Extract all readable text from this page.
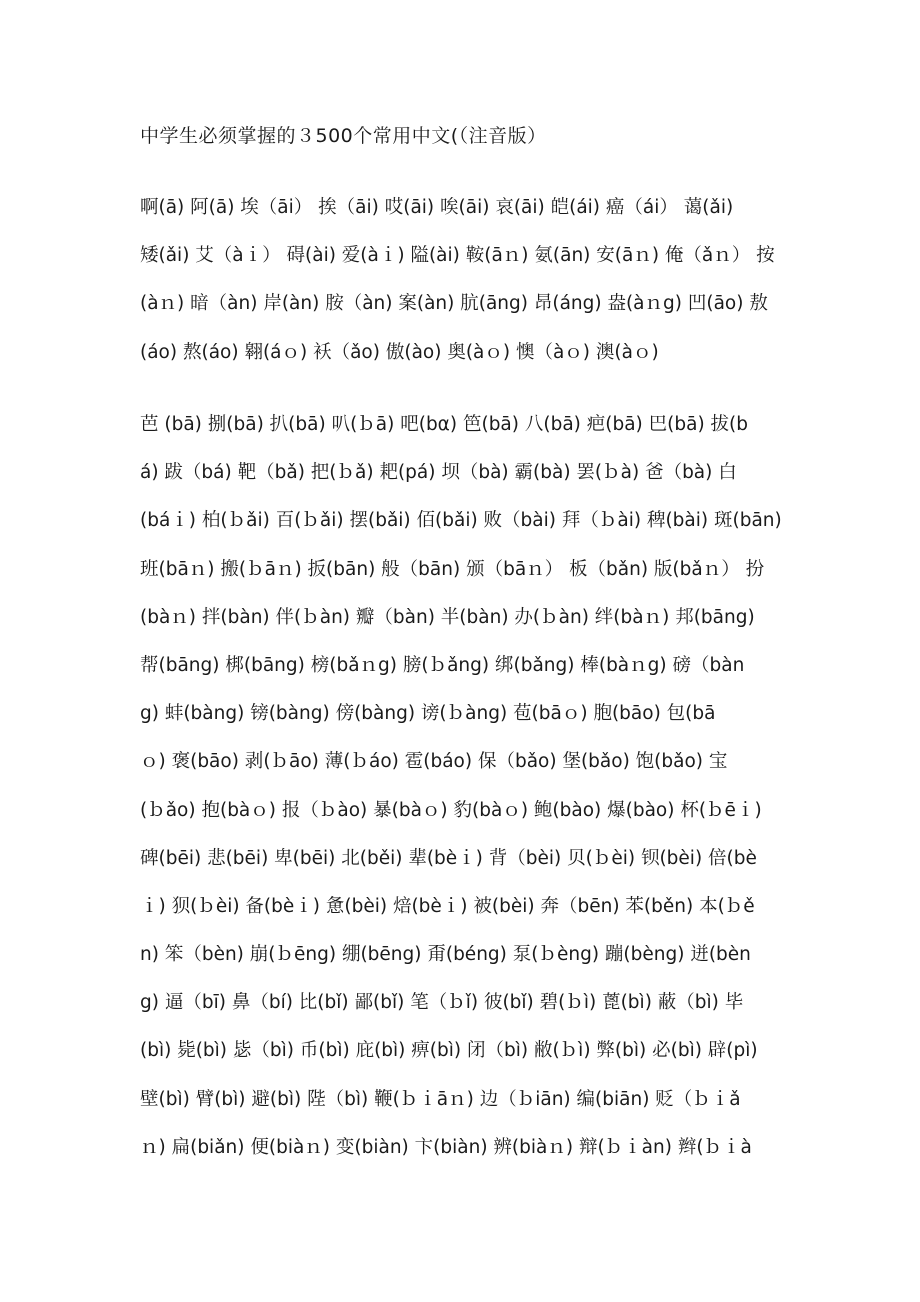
中学生必须掌握的３500个常用中文(（注音版）
啊(ā) 阿(ā) 埃（āi） 挨（āi) 哎(āi) 唉(āi) 哀(āi) 皑(ái) 癌（ái） 蔼(ǎi)
矮(ǎi) 艾（àｉ） 碍(ài) 爱(àｉ) 隘(ài) 鞍(āｎ) 氨(ān) 安(āｎ) 俺（ǎｎ） 按
(àｎ) 暗（àn) 岸(àn) 胺（àn) 案(àn) 肮(āng) 昂(áng) 盎(àｎg) 凹(āo) 敖
(áo) 熬(áo) 翱(áｏ) 袄（ǎo) 傲(ào) 奥(àｏ) 懊（àｏ) 澳(àｏ)
芭 (bā) 捌(bā) 扒(bā) 叭(ｂā) 吧(bα) 笆(bā) 八(bā) 疤(bā) 巴(bā) 拔(b
á) 跋（bá) 靶（bǎ) 把(ｂǎ) 耙(pá) 坝（bà) 霸(bà) 罢(ｂà) 爸（bà) 白
(báｉ) 柏(ｂǎi) 百(ｂǎi) 摆(bǎi) 佰(bǎi) 败（bài) 拜（ｂài) 稗(bài) 斑(bān)
班(bāｎ) 搬(ｂāｎ) 扳(bān) 般（bān) 颁（bāｎ） 板（bǎn) 版(bǎｎ） 扮
(bàｎ) 拌(bàn) 伴(ｂàn) 瓣（bàn) 半(bàn) 办(ｂàn) 绊(bàｎ) 邦(bāng)
帮(bāng) 梆(bāng) 榜(bǎｎg) 膀(ｂǎng) 绑(bǎng) 棒(bàｎg) 磅（bàn
g) 蚌(bàng) 镑(bàng) 傍(bàng) 谤(ｂàng) 苞(bāｏ) 胞(bāo) 包(bā
ｏ) 褒(bāo) 剥(ｂāo) 薄(ｂáo) 雹(báo) 保（bǎo) 堡(bǎo) 饱(bǎo) 宝
(ｂǎo) 抱(bàｏ) 报（ｂào) 暴(bàｏ) 豹(bàｏ) 鲍(bào) 爆(bào) 杯(ｂēｉ)
碑(bēi) 悲(bēi) 卑(bēi) 北(běi) 辈(bèｉ) 背（bèi) 贝(ｂèi) 钡(bèi) 倍(bè
ｉ) 狈(ｂèi) 备(bèｉ) 惫(bèi) 焙(bèｉ) 被(bèi) 奔（bēn) 苯(běn) 本(ｂě
n) 笨（bèn) 崩(ｂēng) 绷(bēng) 甭(béng) 泵(ｂèng) 蹦(bèng) 迸(bèn
g) 逼（bī) 鼻（bí) 比(bǐ) 鄙(bǐ) 笔（ｂǐ) 彼(bǐ) 碧(ｂì) 蓖(bì) 蔽（bì) 毕
(bì) 毙(bì) 毖（bì) 币(bì) 庇(bì) 痹(bì) 闭（bì) 敝(ｂì) 弊(bì) 必(bì) 辟(pì)
壁(bì) 臂(bì) 避(bì) 陛（bì) 鞭(ｂｉāｎ) 边（ｂiān) 编(biān) 贬（ｂｉǎ
ｎ) 扁(biǎn) 便(biàｎ) 变(biàn) 卞(biàn) 辨(biàｎ) 辩(ｂｉàn) 辫(ｂｉà
